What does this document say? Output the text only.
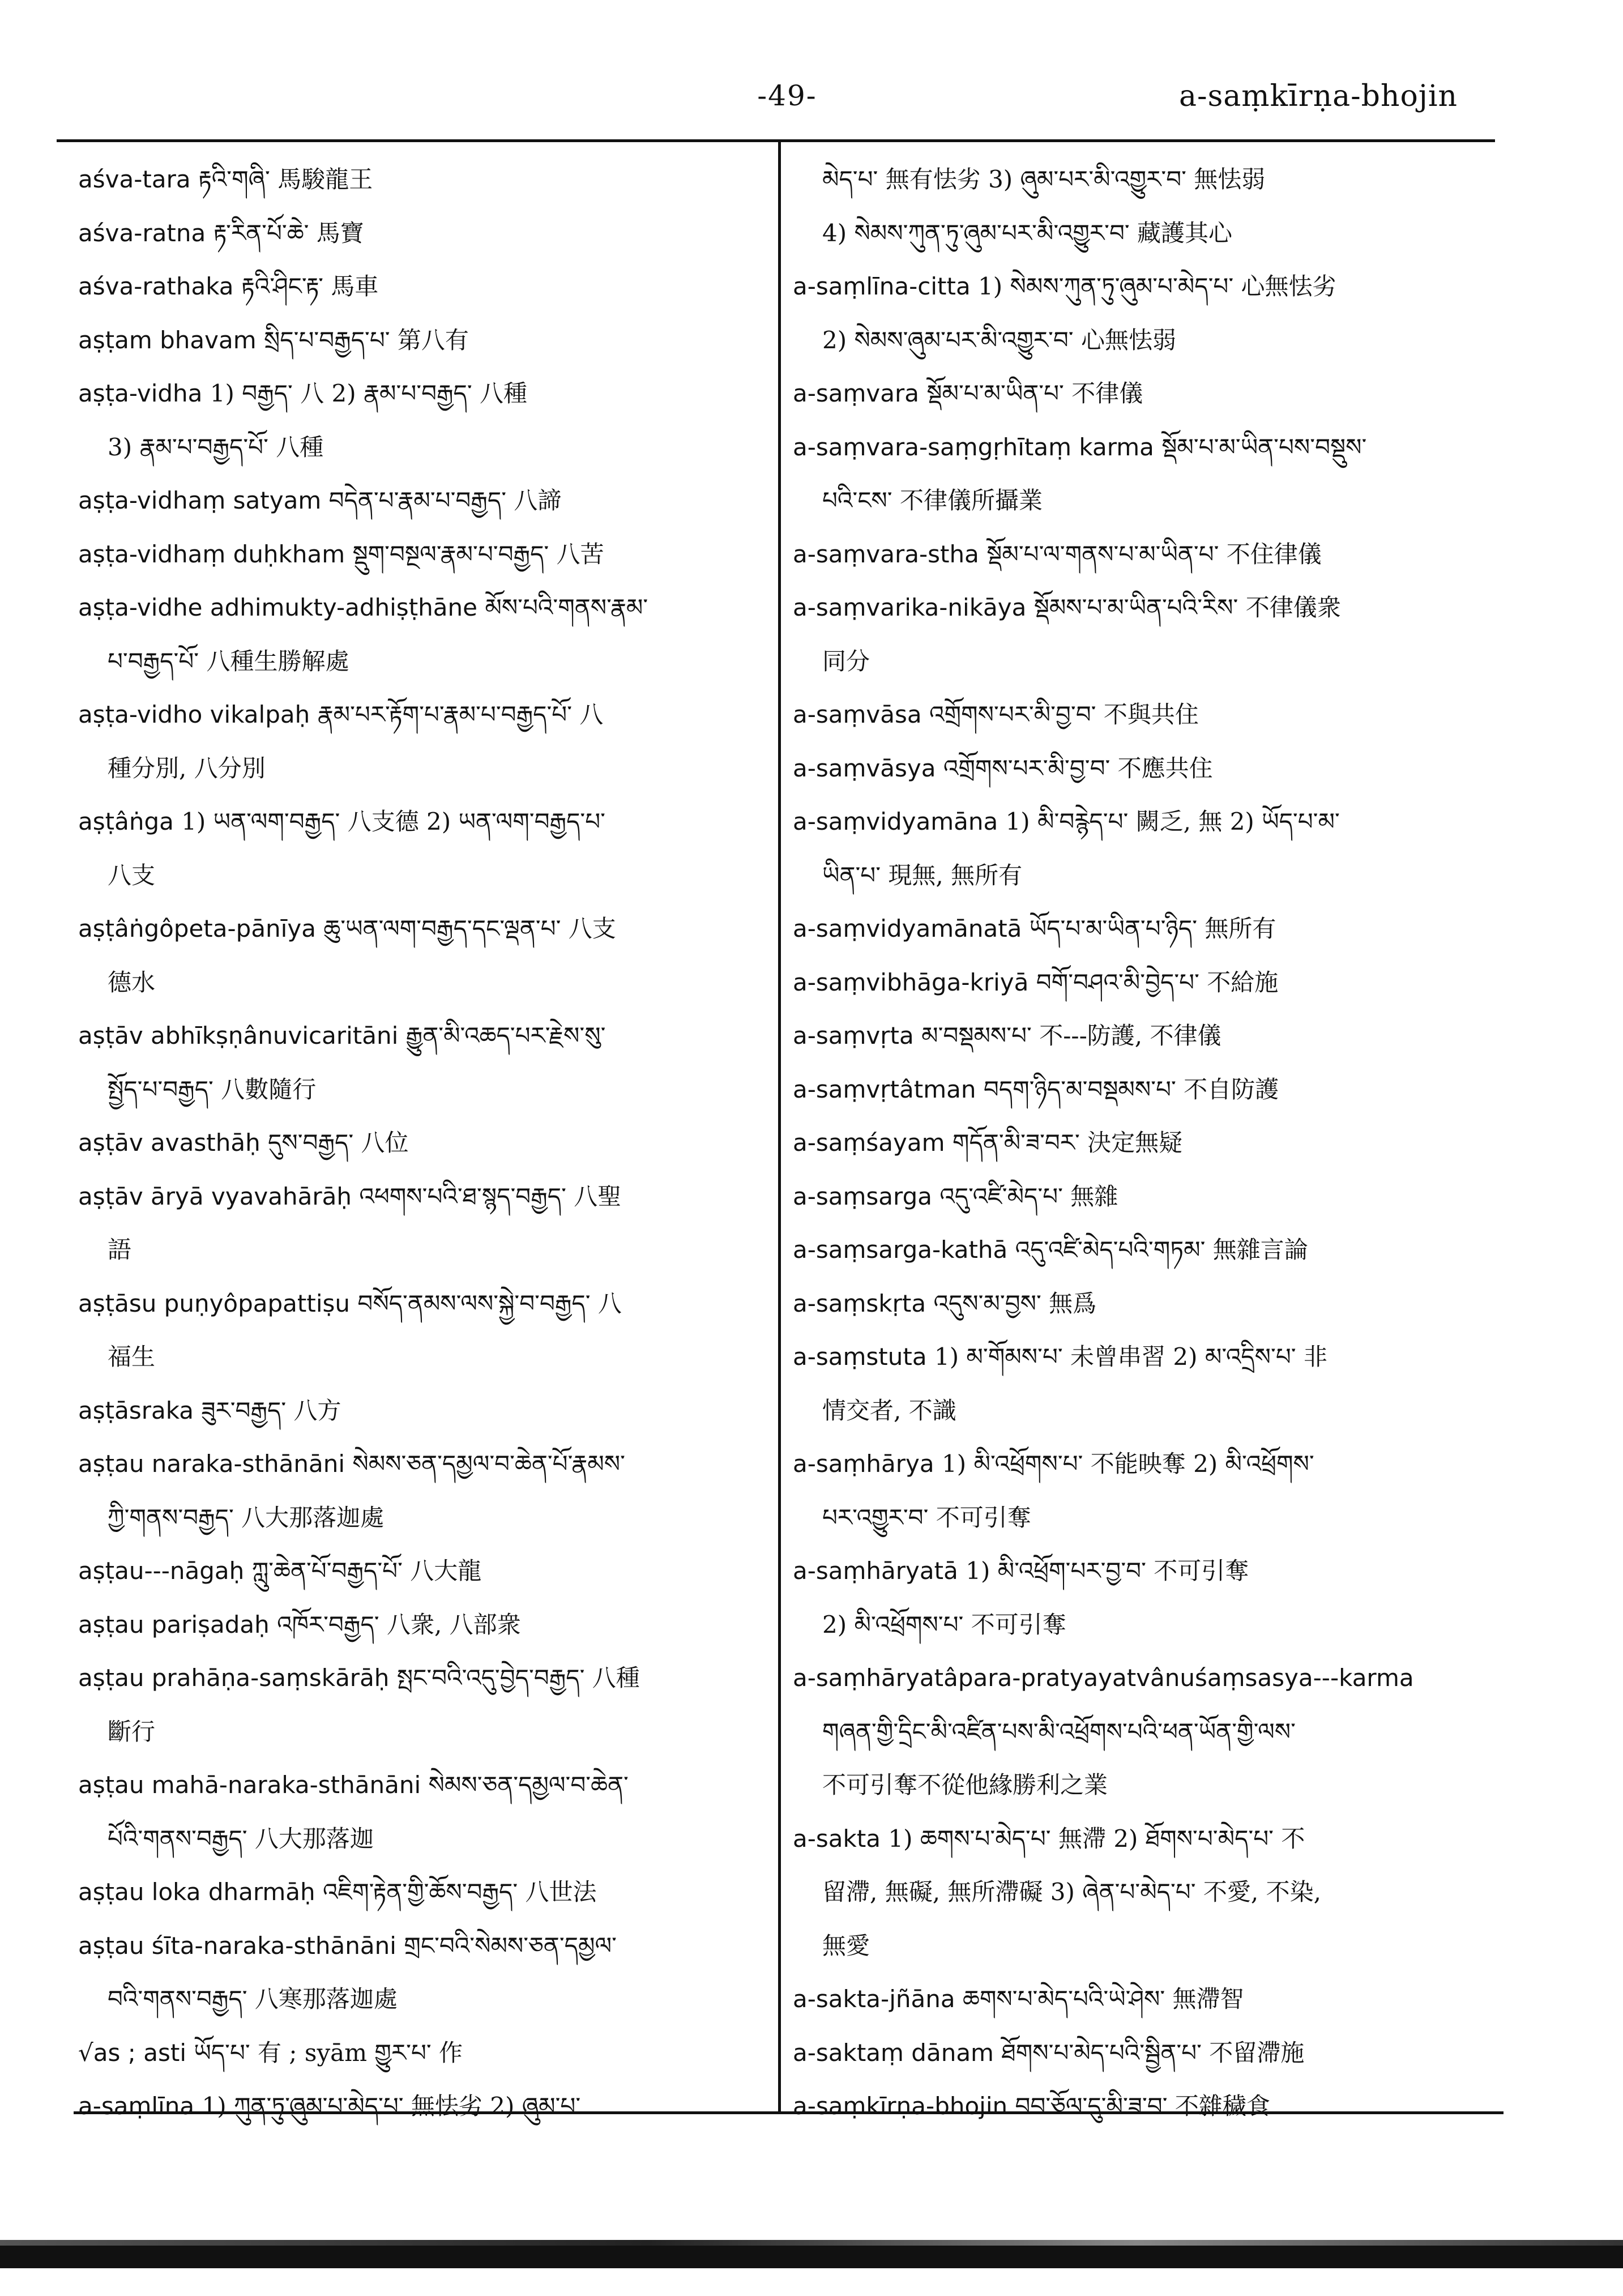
-49-	a-saṃkīrṇa-bhojin
aśva-tara རྟའི་གཞི་ 馬駿龍王
aśva-ratna རྟ་རིན་པོ་ཆེ་ 馬寶
aśva-rathaka རྟའི་ཤིང་རྟ་ 馬車
aṣṭam bhavam སྲིད་པ་བརྒྱད་པ་ 第八有
aṣṭa-vidha 1) བརྒྱད་ 八 2) རྣམ་པ་བརྒྱད་ 八種
3) རྣམ་པ་བརྒྱད་པོ་ 八種
aṣṭa-vidhaṃ satyam བདེན་པ་རྣམ་པ་བརྒྱད་ 八諦
aṣṭa-vidhaṃ duḥkham སྡུག་བསྔལ་རྣམ་པ་བརྒྱད་ 八苦
aṣṭa-vidhe adhimukty-adhiṣṭhāne མོས་པའི་གནས་རྣམ་
པ་བརྒྱད་པོ་ 八種生勝解處
aṣṭa-vidho vikalpaḥ རྣམ་པར་རྟོག་པ་རྣམ་པ་བརྒྱད་པོ་ 八
種分別, 八分別
aṣṭâṅga 1) ཡན་ལག་བརྒྱད་ 八支德 2) ཡན་ལག་བརྒྱད་པ་
八支
aṣṭâṅgôpeta-pānīya ཆུ་ཡན་ལག་བརྒྱད་དང་ལྡན་པ་ 八支
德水
aṣṭāv abhīkṣṇânuvicaritāni རྒྱུན་མི་འཆད་པར་རྗེས་སུ་
སྤྱོད་པ་བརྒྱད་ 八數隨行
aṣṭāv avasthāḥ དུས་བརྒྱད་ 八位
aṣṭāv āryā vyavahārāḥ འཕགས་པའི་ཐ་སྙད་བརྒྱད་ 八聖
語
aṣṭāsu puṇyôpapattiṣu བསོད་ནམས་ལས་སྐྱེ་བ་བརྒྱད་ 八
福生
aṣṭāsraka ཟུར་བརྒྱད་ 八方
aṣṭau naraka-sthānāni སེམས་ཅན་དམྱལ་བ་ཆེན་པོ་རྣམས་
ཀྱི་གནས་བརྒྱད་ 八大那落迦處
aṣṭau---nāgaḥ ཀླུ་ཆེན་པོ་བརྒྱད་པོ་ 八大龍
aṣṭau pariṣadaḥ འཁོར་བརྒྱད་ 八衆, 八部衆
aṣṭau prahāṇa-saṃskārāḥ སྤང་བའི་འདུ་བྱེད་བརྒྱད་ 八種
斷行
aṣṭau mahā-naraka-sthānāni སེམས་ཅན་དམྱལ་བ་ཆེན་
པོའི་གནས་བརྒྱད་ 八大那落迦
aṣṭau loka dharmāḥ འཇིག་རྟེན་གྱི་ཆོས་བརྒྱད་ 八世法
aṣṭau śīta-naraka-sthānāni གྲང་བའི་སེམས་ཅན་དམྱལ་
བའི་གནས་བརྒྱད་ 八寒那落迦處
√as ; asti ཡོད་པ་ 有 ; syām གྱུར་པ་ 作
a-saṃlīna 1) ཀུན་ཏུ་ཞུམ་པ་མེད་པ་ 無怯劣 2) ཞུམ་པ་
མེད་པ་ 無有怯劣 3) ཞུམ་པར་མི་འགྱུར་བ་ 無怯弱
4) སེམས་ཀུན་ཏུ་ཞུམ་པར་མི་འགྱུར་བ་ 藏護其心
a-saṃlīna-citta 1) སེམས་ཀུན་ཏུ་ཞུམ་པ་མེད་པ་ 心無怯劣
2) སེམས་ཞུམ་པར་མི་འགྱུར་བ་ 心無怯弱
a-saṃvara སྡོམ་པ་མ་ཡིན་པ་ 不律儀
a-saṃvara-saṃgṛhītaṃ karma སྡོམ་པ་མ་ཡིན་པས་བསྡུས་
པའི་ངས་ 不律儀所攝業
a-saṃvara-stha སྡོམ་པ་ལ་གནས་པ་མ་ཡིན་པ་ 不住律儀
a-saṃvarika-nikāya སྡོམས་པ་མ་ཡིན་པའི་རིས་ 不律儀衆
同分
a-saṃvāsa འགྲོགས་པར་མི་བྱ་བ་ 不與共住
a-saṃvāsya འགྲོགས་པར་མི་བྱ་བ་ 不應共住
a-saṃvidyamāna 1) མི་བརྙེད་པ་ 闕乏, 無 2) ཡོད་པ་མ་
ཡིན་པ་ 現無, 無所有
a-saṃvidyamānatā ཡོད་པ་མ་ཡིན་པ་ཉིད་ 無所有
a-saṃvibhāga-kriyā བགོ་བཤའ་མི་བྱེད་པ་ 不給施
a-saṃvṛta མ་བསྡམས་པ་ 不---防護, 不律儀
a-saṃvṛtâtman བདག་ཉིད་མ་བསྡམས་པ་ 不自防護
a-saṃśayam གདོན་མི་ཟ་བར་ 決定無疑
a-saṃsarga འདུ་འཛི་མེད་པ་ 無雜
a-saṃsarga-kathā འདུ་འཛི་མེད་པའི་གཏམ་ 無雜言論
a-saṃskṛta འདུས་མ་བྱས་ 無爲
a-saṃstuta 1) མ་གོམས་པ་ 未曾串習 2) མ་འདྲིས་པ་ 非
情交者, 不識
a-saṃhārya 1) མི་འཕྲོགས་པ་ 不能映奪 2) མི་འཕྲོགས་
པར་འགྱུར་བ་ 不可引奪
a-saṃhāryatā 1) མི་འཕྲོག་པར་བྱ་བ་ 不可引奪
2) མི་འཕྲོགས་པ་ 不可引奪
a-saṃhāryatâpara-pratyayatvânuśaṃsasya---karma
གཞན་གྱི་དྲིང་མི་འཛིན་པས་མི་འཕྲོགས་པའི་ཕན་ཡོན་གྱི་ལས་
不可引奪不從他緣勝利之業
a-sakta 1) ཆགས་པ་མེད་པ་ 無滯 2) ཐོགས་པ་མེད་པ་ 不
留滯, 無礙, 無所滯礙 3) ཞེན་པ་མེད་པ་ 不愛, 不染,
無愛
a-sakta-jñāna ཆགས་པ་མེད་པའི་ཡེ་ཤེས་ 無滯智
a-saktaṃ dānam ཐོགས་པ་མེད་པའི་སྦྱིན་པ་ 不留滯施
a-saṃkīrṇa-bhojin བབ་ཅོལ་དུ་མི་ཟ་བ་ 不雜穢食
